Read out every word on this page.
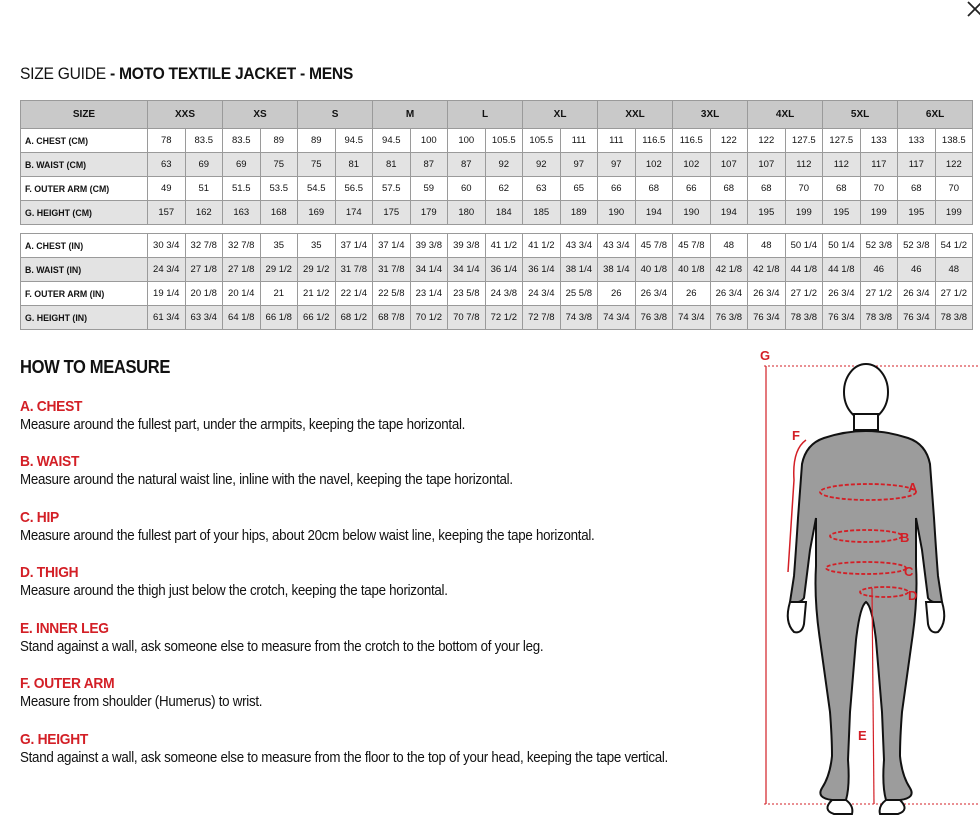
SIZE GUIDE - MOTO TEXTILE JACKET - MENS
SIZE	XXS		XS		S		M		L		XL		XXL		3XL		4XL		5XL		6XL	
A. CHEST (CM)	78	83.5	83.5	89	89	94.5	94.5	100	100	105.5	105.5	111	111	116.5	116.5	122	122	127.5	127.5	133	133	138.5
B. WAIST (CM)	63	69	69	75	75	81	81	87	87	92	92	97	97	102	102	107	107	112	112	117	117	122
F. OUTER ARM (CM)	49	51	51.5	53.5	54.5	56.5	57.5	59	60	62	63	65	66	68	66	68	68	70	68	70	68	70
G. HEIGHT (CM)	157	162	163	168	169	174	175	179	180	184	185	189	190	194	190	194	195	199	195	199	195	199

A. CHEST (IN)	30 3/4	32 7/8	32 7/8	35	35	37 1/4	37 1/4	39 3/8	39 3/8	41 1/2	41 1/2	43 3/4	43 3/4	45 7/8	45 7/8	48	48	50 1/4	50 1/4	52 3/8	52 3/8	54 1/2
B. WAIST (IN)	24 3/4	27 1/8	27 1/8	29 1/2	29 1/2	31 7/8	31 7/8	34 1/4	34 1/4	36 1/4	36 1/4	38 1/4	38 1/4	40 1/8	40 1/8	42 1/8	42 1/8	44 1/8	44 1/8	46	46	48
F. OUTER ARM (IN)	19 1/4	20 1/8	20 1/4	21	21 1/2	22 1/4	22 5/8	23 1/4	23 5/8	24 3/8	24 3/4	25 5/8	26	26 3/4	26	26 3/4	26 3/4	27 1/2	26 3/4	27 1/2	26 3/4	27 1/2
G. HEIGHT (IN)	61 3/4	63 3/4	64 1/8	66 1/8	66 1/2	68 1/2	68 7/8	70 1/2	70 7/8	72 1/2	72 7/8	74 3/8	74 3/4	76 3/8	74 3/4	76 3/8	76 3/4	78 3/8	76 3/4	78 3/8	76 3/4	78 3/8
HOW TO MEASURE
A. CHEST
Measure around the fullest part, under the armpits, keeping the tape horizontal.
B. WAIST
Measure around the natural waist line, inline with the navel, keeping the tape horizontal.
C. HIP
Measure around the fullest part of your hips, about 20cm below waist line, keeping the tape horizontal.
D. THIGH
Measure around the thigh just below the crotch, keeping the tape horizontal.
E. INNER LEG
Stand against a wall, ask someone else to measure from the crotch to the bottom of your leg.
F. OUTER ARM
Measure from shoulder (Humerus) to wrist.
G. HEIGHT
Stand against a wall, ask someone else to measure from the floor to the top of your head, keeping the tape vertical.
G
F
A
B
C
D
E
